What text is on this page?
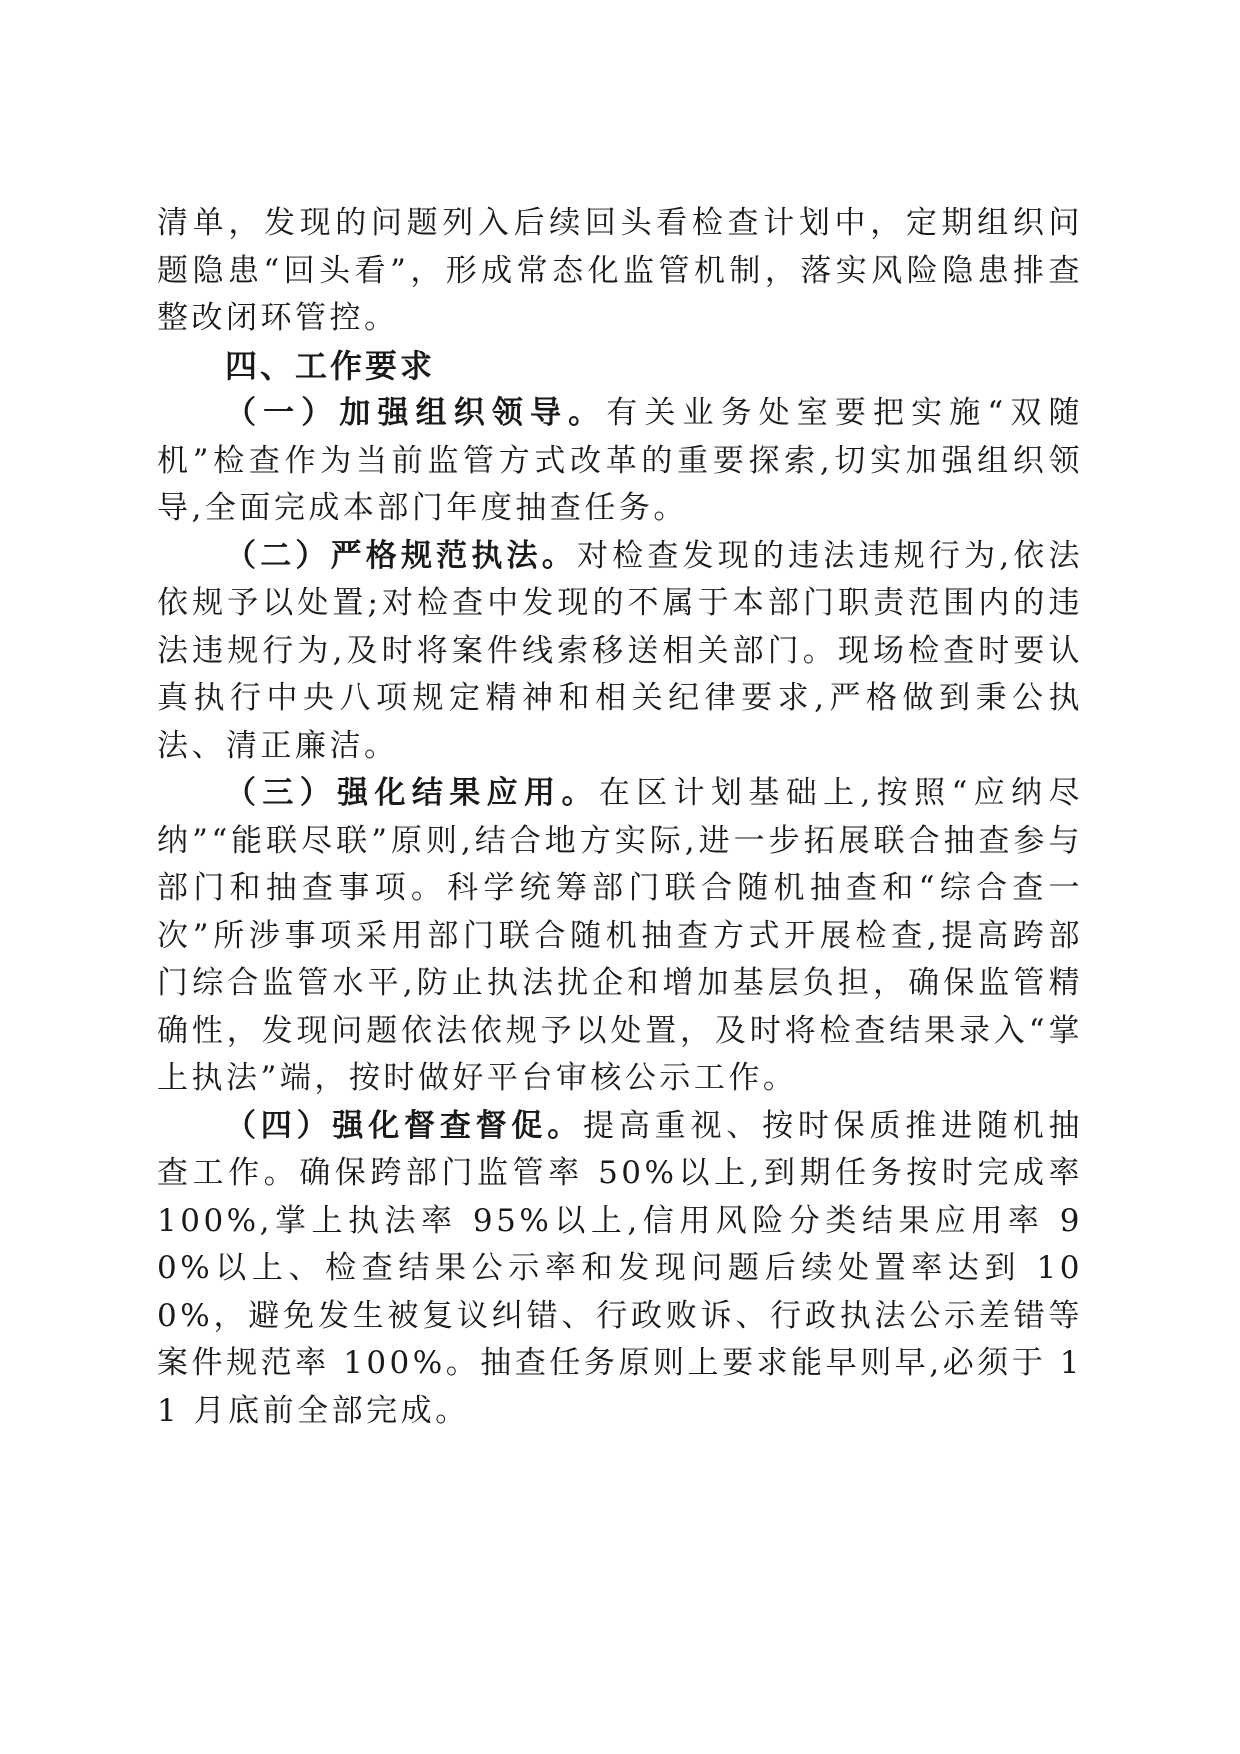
清单，发现的问题列入后续回头看检查计划中，定期组织问题隐患“回头看”，形成常态化监管机制，落实风险隐患排查整改闭环管控。

四、工作要求

（一）加强组织领导。有关业务处室要把实施“双随机”检查作为当前监管方式改革的重要探索,切实加强组织领导,全面完成本部门年度抽查任务。

（二）严格规范执法。对检查发现的违法违规行为,依法依规予以处置;对检查中发现的不属于本部门职责范围内的违法违规行为,及时将案件线索移送相关部门。现场检查时要认真执行中央八项规定精神和相关纪律要求,严格做到秉公执法、清正廉洁。

（三）强化结果应用。在区计划基础上,按照“应纳尽纳”“能联尽联”原则,结合地方实际,进一步拓展联合抽查参与部门和抽查事项。科学统筹部门联合随机抽查和“综合查一次”所涉事项采用部门联合随机抽查方式开展检查,提高跨部门综合监管水平,防止执法扰企和增加基层负担，确保监管精确性，发现问题依法依规予以处置，及时将检查结果录入“掌上执法”端，按时做好平台审核公示工作。

（四）强化督查督促。提高重视、按时保质推进随机抽查工作。确保跨部门监管率 50%以上,到期任务按时完成率 100%,掌上执法率 95%以上,信用风险分类结果应用率 90%以上、检查结果公示率和发现问题后续处置率达到 100%，避免发生被复议纠错、行政败诉、行政执法公示差错等案件规范率 100%。抽查任务原则上要求能早则早,必须于 11 月底前全部完成。
